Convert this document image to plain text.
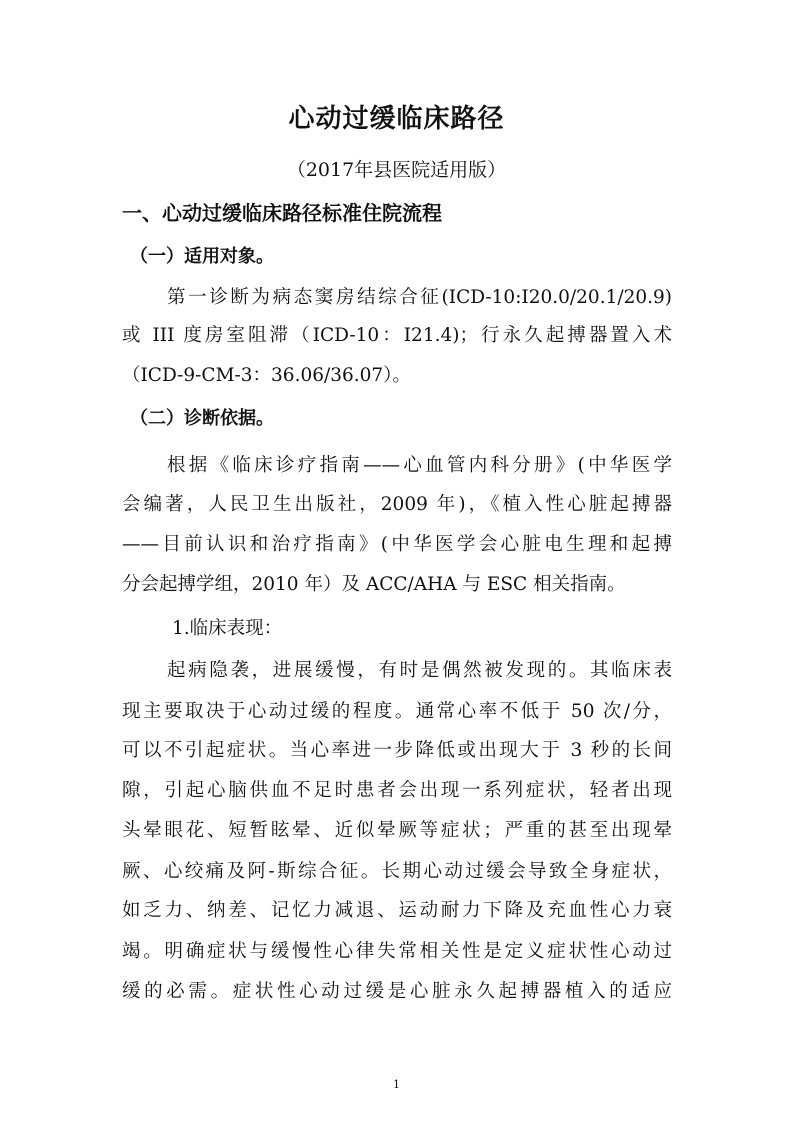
心动过缓临床路径
（2017年县医院适用版）
一、心动过缓临床路径标准住院流程
（一）适用对象。
第一诊断为病态窦房结综合征(ICD-10:I20.0/20.1/20.9)
或 III 度房室阻滞（ICD-10：I21.4)；行永久起搏器置入术
（ICD-9-CM-3：36.06/36.07）。
（二）诊断依据。
根据《临床诊疗指南——心血管内科分册》(中华医学
会编著，人民卫生出版社，2009 年)，《植入性心脏起搏器
——目前认识和治疗指南》(中华医学会心脏电生理和起搏
分会起搏学组，2010 年）及 ACC/AHA 与 ESC 相关指南。
1.临床表现：
起病隐袭，进展缓慢，有时是偶然被发现的。其临床表
现主要取决于心动过缓的程度。通常心率不低于 50 次/分，
可以不引起症状。当心率进一步降低或出现大于 3 秒的长间
隙，引起心脑供血不足时患者会出现一系列症状，轻者出现
头晕眼花、短暂眩晕、近似晕厥等症状；严重的甚至出现晕
厥、心绞痛及阿-斯综合征。长期心动过缓会导致全身症状，
如乏力、纳差、记忆力减退、运动耐力下降及充血性心力衰
竭。明确症状与缓慢性心律失常相关性是定义症状性心动过
缓的必需。症状性心动过缓是心脏永久起搏器植入的适应
1
